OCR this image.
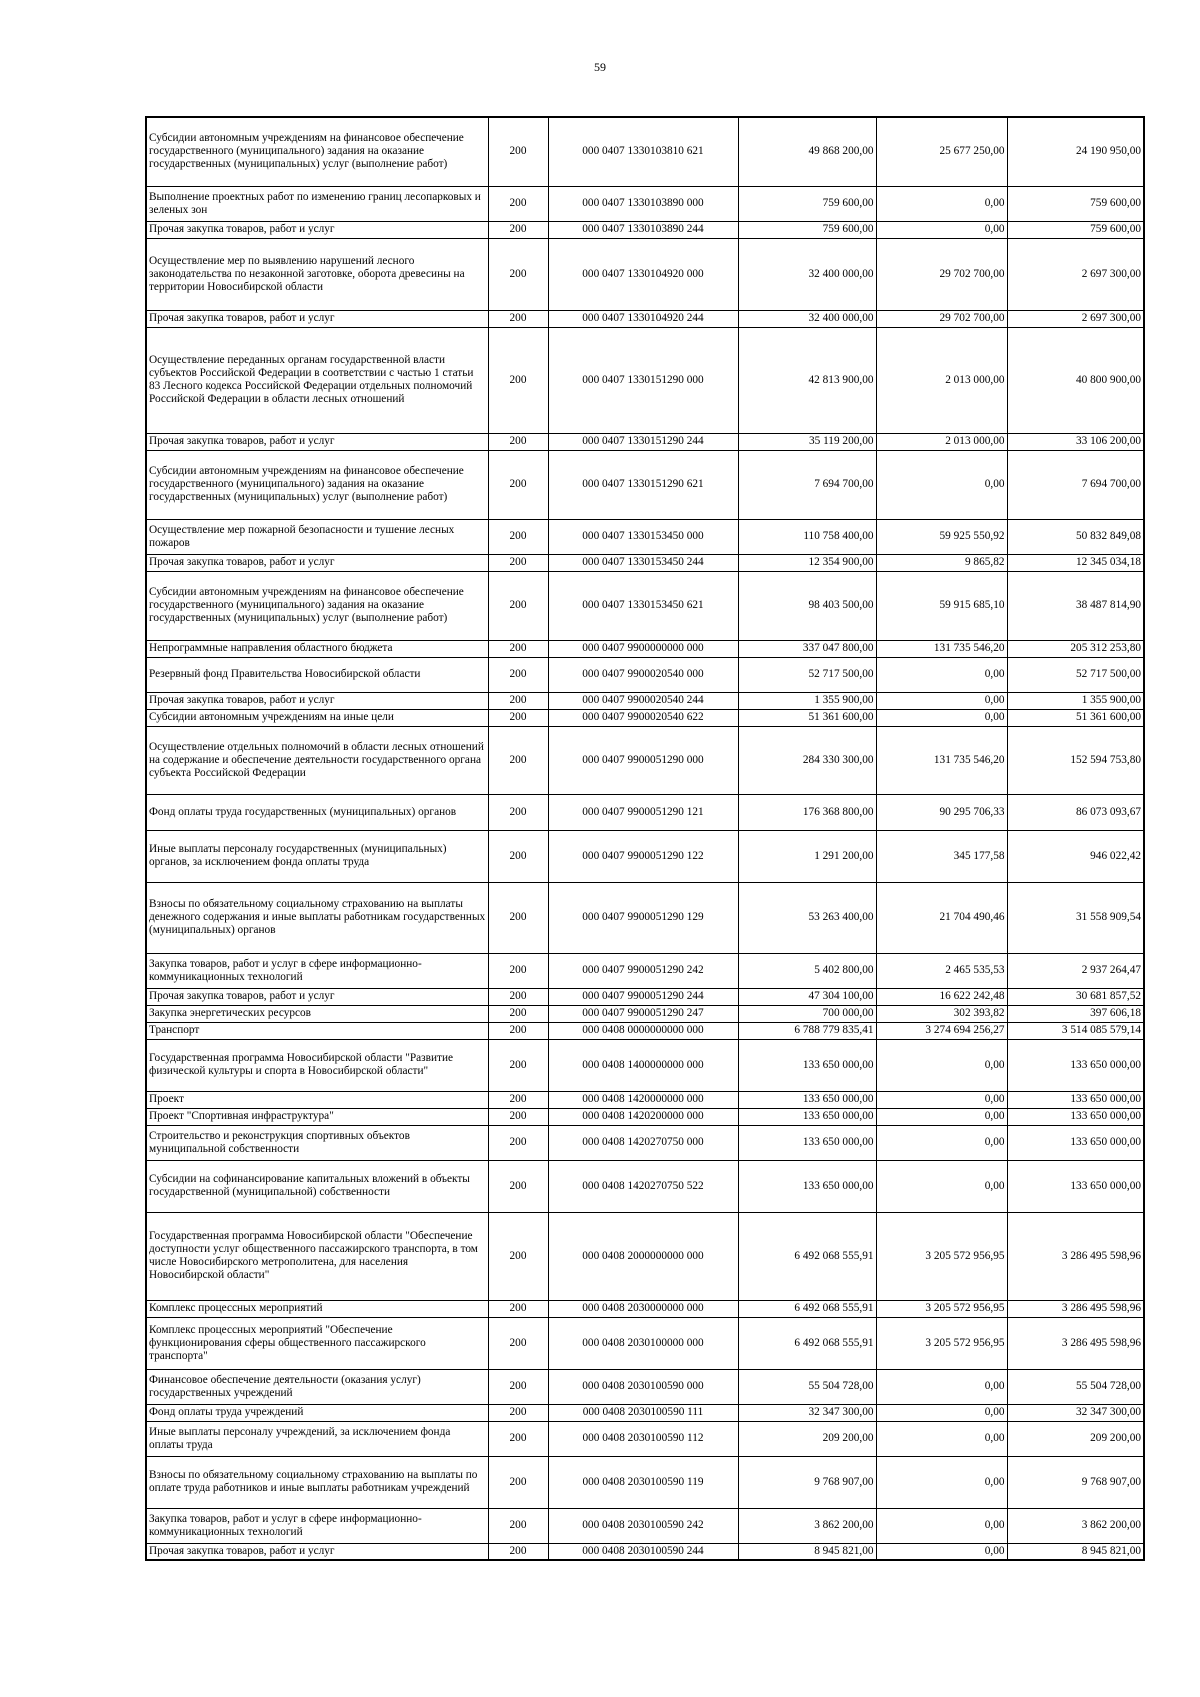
59
Субсидии автономным учреждениям на финансовое обеспечение государственного (муниципального) задания на оказание государственных (муниципальных) услуг (выполнение работ)	200	000 0407 1330103810 621	49 868 200,00	25 677 250,00	24 190 950,00
Выполнение проектных работ по изменению границ лесопарковых и зеленых зон	200	000 0407 1330103890 000	759 600,00	0,00	759 600,00
Прочая закупка товаров, работ и услуг	200	000 0407 1330103890 244	759 600,00	0,00	759 600,00
Осуществление мер по выявлению нарушений лесного законодательства по незаконной заготовке, оборота древесины на территории Новосибирской области	200	000 0407 1330104920 000	32 400 000,00	29 702 700,00	2 697 300,00
Прочая закупка товаров, работ и услуг	200	000 0407 1330104920 244	32 400 000,00	29 702 700,00	2 697 300,00
Осуществление переданных органам государственной власти субъектов Российской Федерации в соответствии с частью 1 статьи 83 Лесного кодекса Российской Федерации отдельных полномочий Российской Федерации в области лесных отношений	200	000 0407 1330151290 000	42 813 900,00	2 013 000,00	40 800 900,00
Прочая закупка товаров, работ и услуг	200	000 0407 1330151290 244	35 119 200,00	2 013 000,00	33 106 200,00
Субсидии автономным учреждениям на финансовое обеспечение государственного (муниципального) задания на оказание государственных (муниципальных) услуг (выполнение работ)	200	000 0407 1330151290 621	7 694 700,00	0,00	7 694 700,00
Осуществление мер пожарной безопасности и тушение лесных пожаров	200	000 0407 1330153450 000	110 758 400,00	59 925 550,92	50 832 849,08
Прочая закупка товаров, работ и услуг	200	000 0407 1330153450 244	12 354 900,00	9 865,82	12 345 034,18
Субсидии автономным учреждениям на финансовое обеспечение государственного (муниципального) задания на оказание государственных (муниципальных) услуг (выполнение работ)	200	000 0407 1330153450 621	98 403 500,00	59 915 685,10	38 487 814,90
Непрограммные направления областного бюджета	200	000 0407 9900000000 000	337 047 800,00	131 735 546,20	205 312 253,80
Резервный фонд Правительства Новосибирской области	200	000 0407 9900020540 000	52 717 500,00	0,00	52 717 500,00
Прочая закупка товаров, работ и услуг	200	000 0407 9900020540 244	1 355 900,00	0,00	1 355 900,00
Субсидии автономным учреждениям на иные цели	200	000 0407 9900020540 622	51 361 600,00	0,00	51 361 600,00
Осуществление отдельных полномочий в области лесных отношений на содержание и обеспечение деятельности государственного органа субъекта Российской Федерации	200	000 0407 9900051290 000	284 330 300,00	131 735 546,20	152 594 753,80
Фонд оплаты труда государственных (муниципальных) органов	200	000 0407 9900051290 121	176 368 800,00	90 295 706,33	86 073 093,67
Иные выплаты персоналу государственных (муниципальных) органов, за исключением фонда оплаты труда	200	000 0407 9900051290 122	1 291 200,00	345 177,58	946 022,42
Взносы по обязательному социальному страхованию на выплаты денежного содержания и иные выплаты работникам государственных (муниципальных) органов	200	000 0407 9900051290 129	53 263 400,00	21 704 490,46	31 558 909,54
Закупка товаров, работ и услуг в сфере информационно-коммуникационных технологий	200	000 0407 9900051290 242	5 402 800,00	2 465 535,53	2 937 264,47
Прочая закупка товаров, работ и услуг	200	000 0407 9900051290 244	47 304 100,00	16 622 242,48	30 681 857,52
Закупка энергетических ресурсов	200	000 0407 9900051290 247	700 000,00	302 393,82	397 606,18
Транспорт	200	000 0408 0000000000 000	6 788 779 835,41	3 274 694 256,27	3 514 085 579,14
Государственная программа Новосибирской области "Развитие физической культуры и спорта в Новосибирской области"	200	000 0408 1400000000 000	133 650 000,00	0,00	133 650 000,00
Проект	200	000 0408 1420000000 000	133 650 000,00	0,00	133 650 000,00
Проект "Спортивная инфраструктура"	200	000 0408 1420200000 000	133 650 000,00	0,00	133 650 000,00
Строительство и реконструкция спортивных объектов муниципальной собственности	200	000 0408 1420270750 000	133 650 000,00	0,00	133 650 000,00
Субсидии на софинансирование капитальных вложений в объекты государственной (муниципальной) собственности	200	000 0408 1420270750 522	133 650 000,00	0,00	133 650 000,00
Государственная программа Новосибирской области "Обеспечение доступности услуг общественного пассажирского транспорта, в том числе Новосибирского метрополитена, для населения Новосибирской области"	200	000 0408 2000000000 000	6 492 068 555,91	3 205 572 956,95	3 286 495 598,96
Комплекс процессных мероприятий	200	000 0408 2030000000 000	6 492 068 555,91	3 205 572 956,95	3 286 495 598,96
Комплекс процессных мероприятий "Обеспечение функционирования сферы общественного пассажирского транспорта"	200	000 0408 2030100000 000	6 492 068 555,91	3 205 572 956,95	3 286 495 598,96
Финансовое обеспечение деятельности (оказания услуг) государственных учреждений	200	000 0408 2030100590 000	55 504 728,00	0,00	55 504 728,00
Фонд оплаты труда учреждений	200	000 0408 2030100590 111	32 347 300,00	0,00	32 347 300,00
Иные выплаты персоналу учреждений, за исключением фонда оплаты труда	200	000 0408 2030100590 112	209 200,00	0,00	209 200,00
Взносы по обязательному социальному страхованию на выплаты по оплате труда работников и иные выплаты работникам учреждений	200	000 0408 2030100590 119	9 768 907,00	0,00	9 768 907,00
Закупка товаров, работ и услуг в сфере информационно-коммуникационных технологий	200	000 0408 2030100590 242	3 862 200,00	0,00	3 862 200,00
Прочая закупка товаров, работ и услуг	200	000 0408 2030100590 244	8 945 821,00	0,00	8 945 821,00
